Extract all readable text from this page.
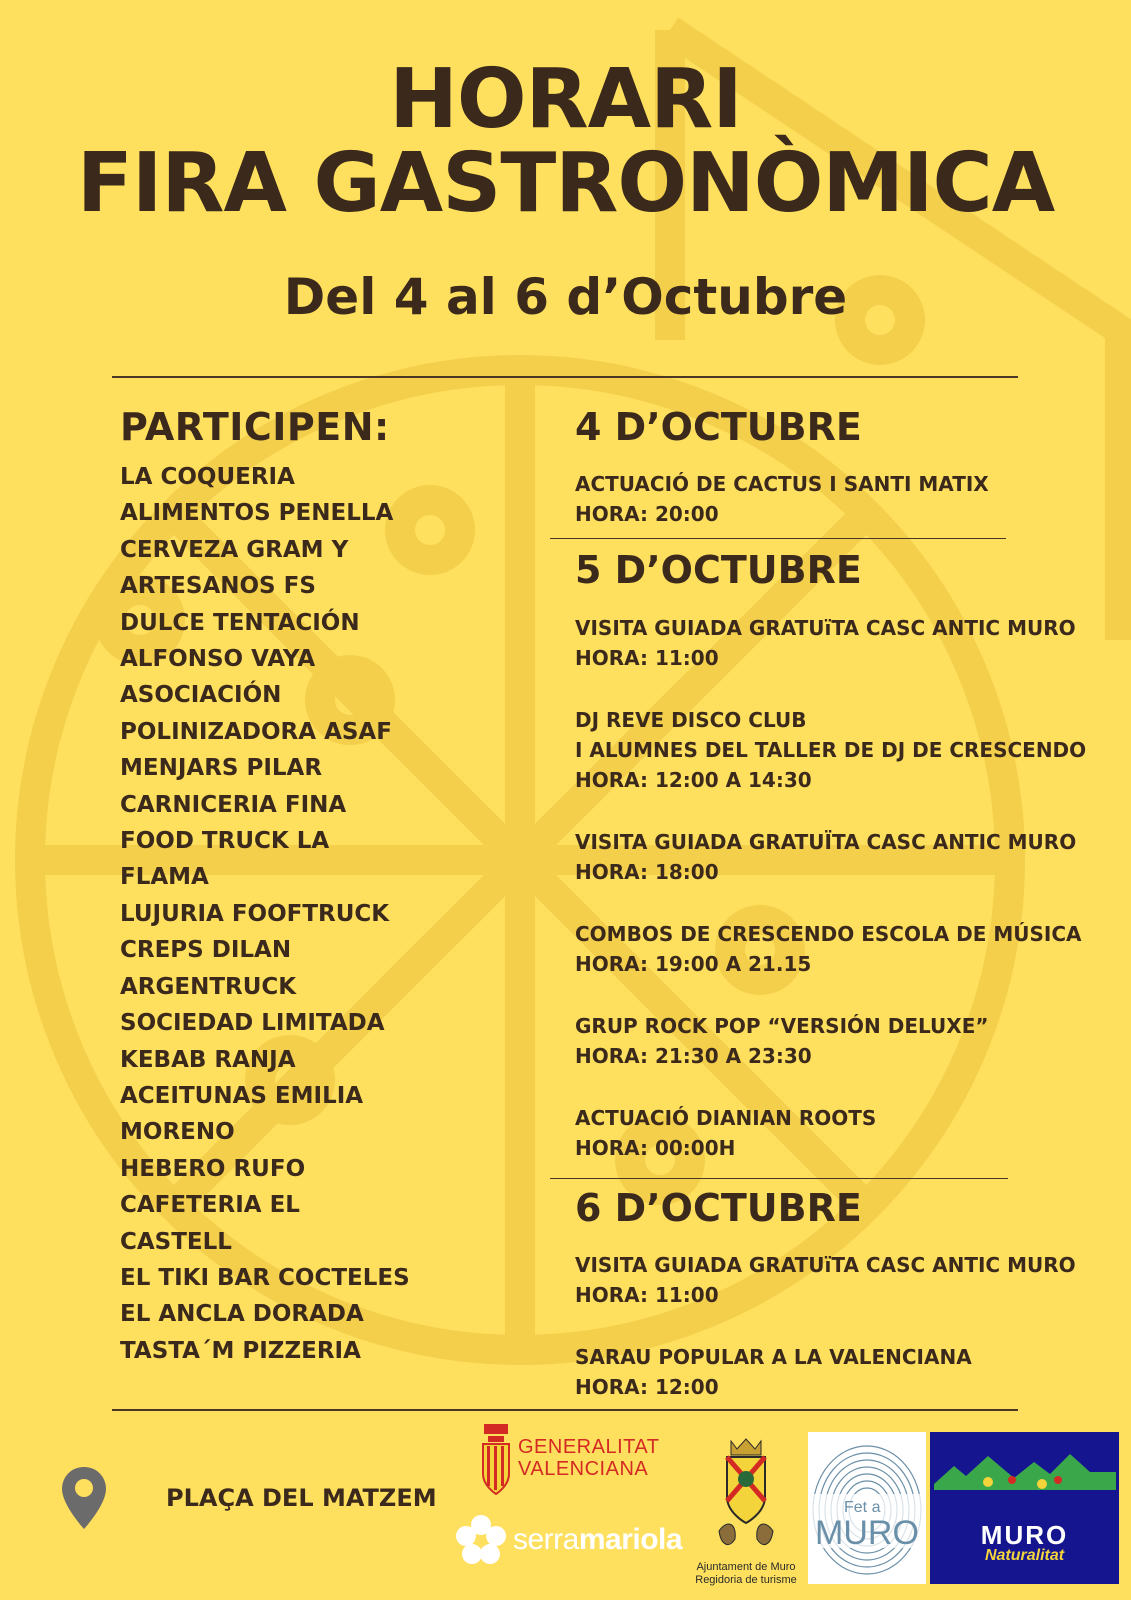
HORARI
FIRA GASTRONÒMICA
Del 4 al 6 d’Octubre
PARTICIPEN:
LA COQUERIA
ALIMENTOS PENELLA
CERVEZA GRAM Y
ARTESANOS FS
DULCE TENTACIÓN
ALFONSO VAYA
ASOCIACIÓN
POLINIZADORA ASAF
MENJARS PILAR
CARNICERIA FINA
FOOD TRUCK LA
FLAMA
LUJURIA FOOFTRUCK
CREPS DILAN
ARGENTRUCK
SOCIEDAD LIMITADA
KEBAB RANJA
ACEITUNAS EMILIA
MORENO
HEBERO RUFO
CAFETERIA EL
CASTELL
EL TIKI BAR COCTELES
EL ANCLA DORADA
TASTA´M PIZZERIA
4 D’OCTUBRE
ACTUACIÓ DE CACTUS I SANTI MATIX
HORA: 20:00
5 D’OCTUBRE
VISITA GUIADA GRATUïTA CASC ANTIC MURO
HORA: 11:00
DJ REVE DISCO CLUB
I ALUMNES DEL TALLER DE DJ DE CRESCENDO
HORA: 12:00 A 14:30
VISITA GUIADA GRATUÏTA CASC ANTIC MURO
HORA: 18:00
COMBOS DE CRESCENDO ESCOLA DE MÚSICA
HORA: 19:00 A 21.15
GRUP ROCK POP “VERSIÓN DELUXE”
HORA: 21:30 A 23:30
ACTUACIÓ DIANIAN ROOTS
HORA: 00:00H
6 D’OCTUBRE
VISITA GUIADA GRATUïTA CASC ANTIC MURO
HORA: 11:00
SARAU POPULAR A LA VALENCIANA
HORA: 12:00
PLAÇA DEL MATZEM
GENERALITAT
VALENCIANA
serramariola
Ajuntament de Muro
Regidoria de turisme
Fet a
MURO	MURO
Naturalitat
